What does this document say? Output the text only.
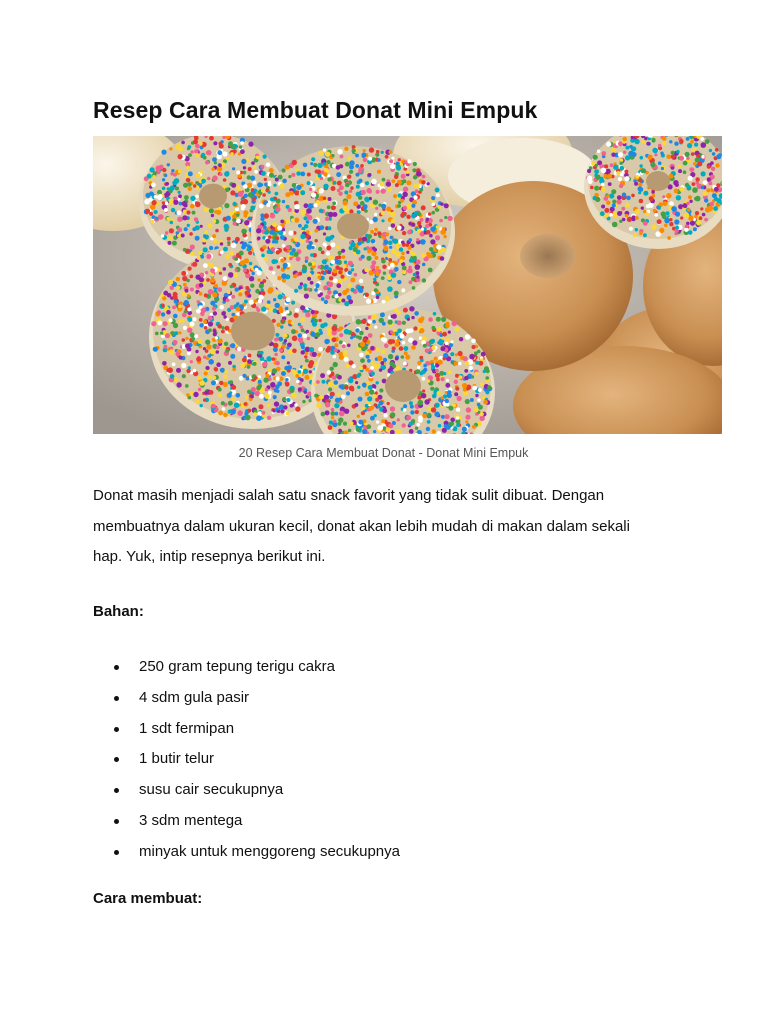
Resep Cara Membuat Donat Mini Empuk
20 Resep Cara Membuat Donat - Donat Mini Empuk

Donat masih menjadi salah satu snack favorit yang tidak sulit dibuat. Dengan
membuatnya dalam ukuran kecil, donat akan lebih mudah di makan dalam sekali
hap. Yuk, intip resepnya berikut ini.

Bahan:
250 gram tepung terigu cakra
4 sdm gula pasir
1 sdt fermipan
1 butir telur
susu cair secukupnya
3 sdm mentega
minyak untuk menggoreng secukupnya
Cara membuat:
